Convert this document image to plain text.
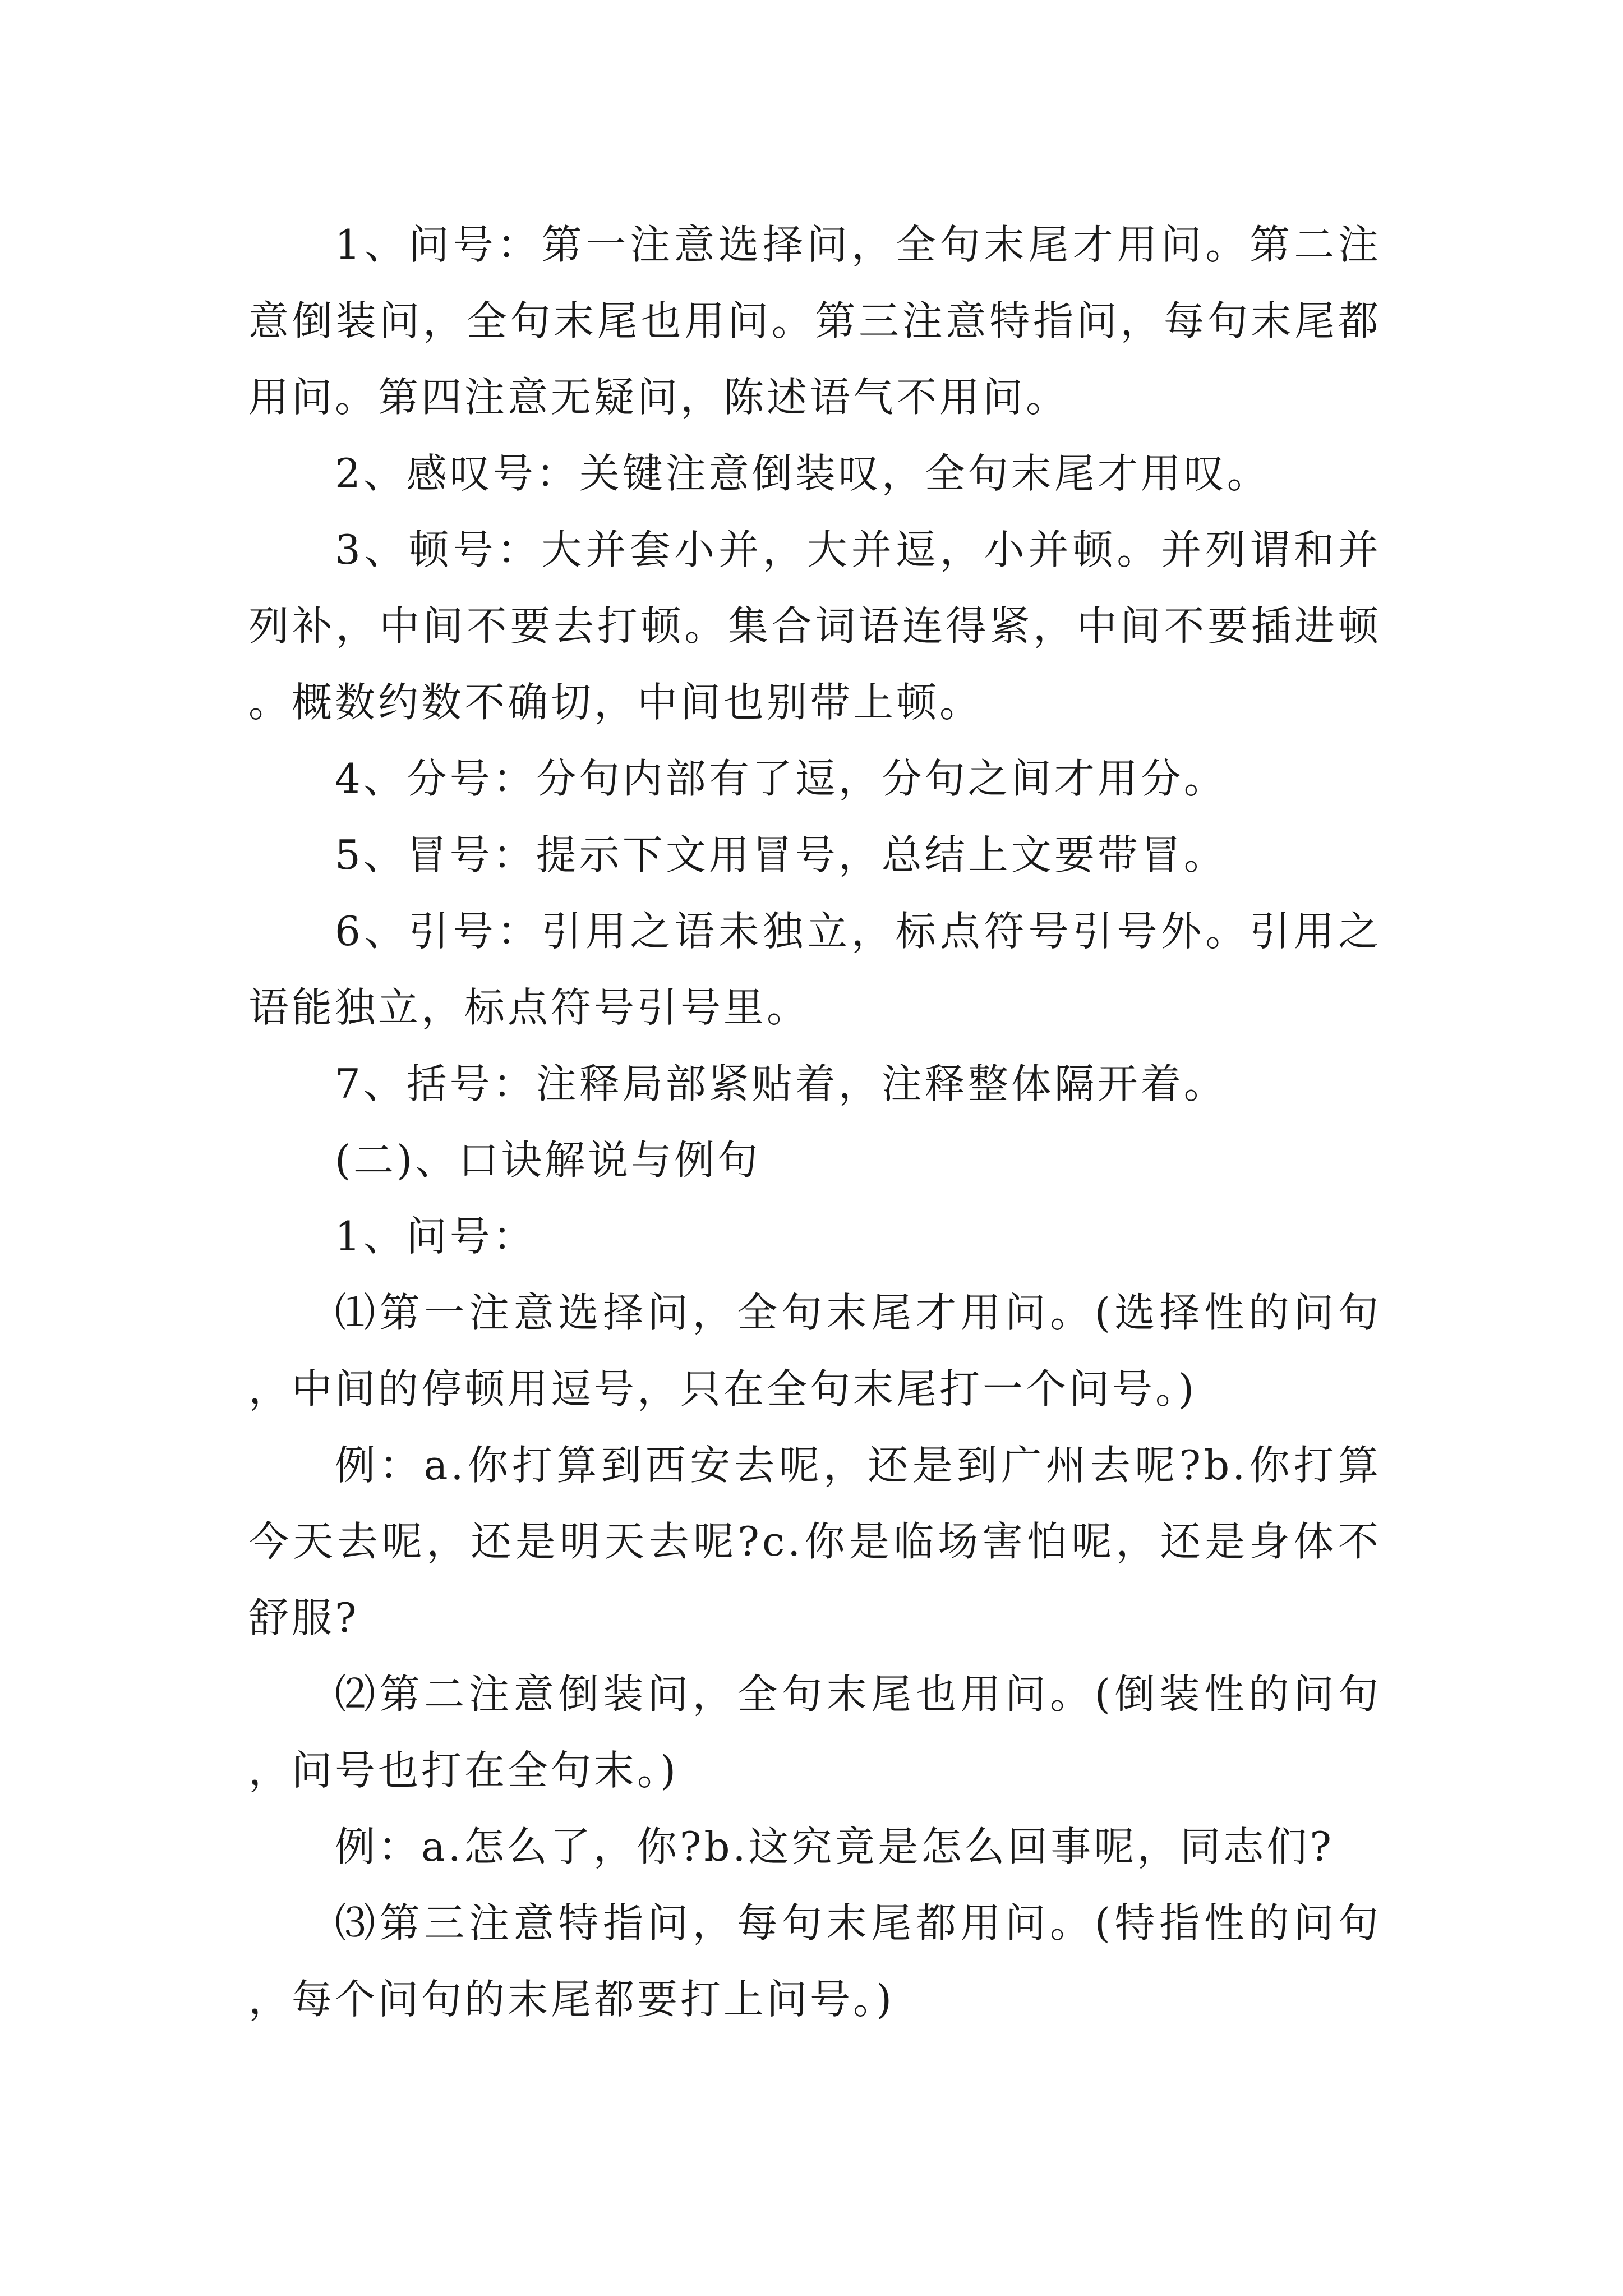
1、问号：第一注意选择问，全句末尾才用问。第二注意倒装问，全句末尾也用问。第三注意特指问，每句末尾都用问。第四注意无疑问，陈述语气不用问。

2、感叹号：关键注意倒装叹，全句末尾才用叹。

3、顿号：大并套小并，大并逗，小并顿。并列谓和并列补，中间不要去打顿。集合词语连得紧，中间不要插进顿。概数约数不确切，中间也别带上顿。

4、分号：分句内部有了逗，分句之间才用分。

5、冒号：提示下文用冒号，总结上文要带冒。

6、引号：引用之语未独立，标点符号引号外。引用之语能独立，标点符号引号里。

7、括号：注释局部紧贴着，注释整体隔开着。

(二)、口诀解说与例句

1、问号：

⑴第一注意选择问，全句末尾才用问。(选择性的问句，中间的停顿用逗号，只在全句末尾打一个问号。)

例：a.你打算到西安去呢，还是到广州去呢?b.你打算今天去呢，还是明天去呢?c.你是临场害怕呢，还是身体不舒服?

⑵第二注意倒装问，全句末尾也用问。(倒装性的问句，问号也打在全句末。)

例：a.怎么了，你?b.这究竟是怎么回事呢，同志们?

⑶第三注意特指问，每句末尾都用问。(特指性的问句，每个问句的末尾都要打上问号。)
